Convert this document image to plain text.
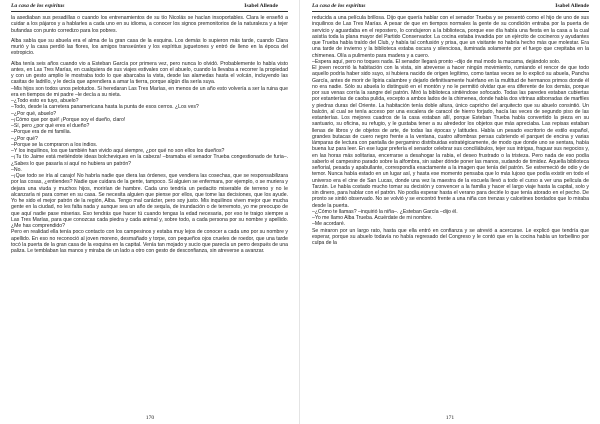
La casa de los espíritus	Isabel Allende

la asediaban sus pesadillas o cuando los entrenamientos de su tío Nicolás se hacían insoportables. Clara le enseñó a cuidar a los pájaros y a hablarles a cada uno en su idioma, a conocer los signos premonitorios de la naturaleza y a tejer bufandas con punto corredizo para los pobres.

Alba sabía que su abuela era el alma de la gran casa de la esquina. Los demás lo supieron más tarde, cuando Clara murió y la casa perdió las flores, los amigos transeúntes y los espíritus juguetones y entró de lleno en la época del estropicio.

Alba tenía seis años cuando vio a Esteban García por primera vez, pero nunca lo olvidó. Probablemente lo había visto antes, en Las Tres Marías, en cualquiera de sus viajes estivales con el abuelo, cuando la llevaba a recorrer la propiedad y con un gesto amplio le mostraba todo lo que abarcaba la vista, desde las alamedas hasta el volcán, incluyendo las casitas de ladrillo, y le decía que aprendiera a amar la tierra, porque algún día sería suya.

–Mis hijos son todos unos pelotudos. Si heredaran Las Tres Marías, en menos de un año esto volvería a ser la ruina que era en tiempos de mi padre –le decía a su nieta.

–¿Todo esto es tuyo, abuelo?

–Todo, desde la carretera panamericana hasta la punta de esos cerros. ¿Los ves?

–¿Por qué, abuelo?

–¡Cómo que por qué! ¡Porque soy el dueño, claro!

–Sí, pero ¿por qué eres el dueño?

–Porque era de mi familia.

–¿Por qué?

–Porque se la compraron a los indios.

–Y los inquilinos, los que también han vivido aquí siempre, ¿por qué no son ellos los dueños?

–¡Tu tío Jaime está metiéndote ideas bolcheviques en la cabeza! –bramaba el senador Trueba congestionado de furia–. ¿Sabes lo que pasaría si aquí no hubiera un patrón?

–No.

–¡Que todo se iría al carajo! No habría nadie que diera las órdenes, que vendiera las cosechas, que se responsabilizara por las cosas, ¿entiendes? Nadie que cuidara de la gente, tampoco. Si alguien se enfermara, por ejemplo, o se muriera y dejara una viuda y muchos hijos, morirían de hambre. Cada uno tendría un pedacito miserable de terreno y no le alcanzaría ni para comer en su casa. Se necesita alguien que piense por ellos, que tome las decisiones, que los ayude. Yo he sido el mejor patrón de la región, Alba. Tengo mal carácter, pero soy justo. Mis inquilinos viven mejor que mucha gente en la ciudad, no les falta nada y aunque sea un año de sequía, de inundación o de terremoto, yo me preocupo de que aquí nadie pase miserias. Eso tendrás que hacer tú cuando tengas la edad necesaria, por eso te traigo siempre a Las Tres Marías, para que conozcas cada piedra y cada animal y, sobre todo, a cada persona por su nombre y apellido. ¿Me has comprendido?

Pero en realidad ella tenía poco contacto con los campesinos y estaba muy lejos de conocer a cada uno por su nombre y apellido. En eso no reconoció al joven moreno, desmañado y torpe, con pequeños ojos crueles de roedor, que una tarde tocó la puerta de la gran casa de la esquina en la capital. Venía tan mojado y sucio que parecía un perro después de una paliza. Le temblaban las manos y miraba de un lado a otro con gesto de desconfianza, sin atreverse a avanzar.

170
La casa de los espíritus	Isabel Allende

reducida a una película brillosa. Dijo que quería hablar con el senador Trueba y se presentó como el hijo de uno de sus inquilinos de Las Tres Marías. A pesar de que en tiempos normales la gente de su condición entraba por la puerta de servicio y aguardaba en el repostero, lo condujeron a la biblioteca, porque ese día había una fiesta en la casa a la cual asistía toda la plana mayor del Partido Conservador. La cocina estaba invadida por un ejército de cocineros y ayudantes que Trueba había traído del Club, y había tal confusión y prisa, que un visitante no habría hecho más que molestar. Era una tarde de invierno y la biblioteca estaba oscura y silenciosa, iluminada solamente por el fuego que crepitaba en la chimenea. Olía a pulimento para madera y a cuero.

–Espera aquí, pero no toques nada. El senador llegará pronto –dijo de mal modo la mucama, dejándolo solo.

El joven recorrió la habitación con la vista, sin atreverse a hacer ningún movimiento, rumiando el rencor de que todo aquello podría haber sido suyo, si hubiera nacido de origen legítimo, como tantas veces se lo explicó su abuela, Pancha García, antes de morir de lipiria calambre y dejarlo definitivamente huérfano en la multitud de hermanos primos donde él no era nadie. Sólo su abuela lo distinguió en el montón y no le permitió olvidar que era diferente de los demás, porque por sus venas corría la sangre del patrón. Miró la biblioteca sintiéndose sofocado. Todas las paredes estaban cubiertas por estanterías de caoba pulida, excepto a ambos lados de la chimenea, donde había dos vitrinas atiborradas de marfiles y piedras duras del Oriente. La habitación tenía doble altura, único capricho del arquitecto que su abuelo consintió. Un balcón, al cual se tenía acceso por una escalera de caracol de hierro forjado, hacía las veces de segundo piso de las estanterías. Los mejores cuadros de la casa estaban allí, porque Esteban Trueba había convertido la pieza en su santuario, su oficina, su refugio, y le gustaba tener a su alrededor los objetos que más apreciaba. Las repisas estaban llenas de libros y de objetos de arte, de todas las épocas y latitudes. Había un pesado escritorio de estilo español, grandes butacas de cuero negro frente a la ventana, cuatro alfombras persas cubriendo el parquet de encina y varias lámparas de lectura con pantalla de pergamino distribuidas estratégicamente, de modo que donde uno se sentara, había buena luz para leer. En ese lugar prefería el senador celebrar sus conciliábulos, tejer sus intrigas, fraguar sus negocios y, en las horas más solitarias, encerrarse a desahogar la rabia, el deseo frustrado o la tristeza. Pero nada de eso podía saberlo el campesino parado sobre la alfombra, sin saber dónde poner las manos, sudando de timidez. Aquella biblioteca señorial, pesada y apabullante, correspondía exactamente a la imagen que tenía del patrón. Se estremeció de odio y de temor. Nunca había estado en un lugar así, y hasta ese momento pensaba que lo más lujoso que podía existir en todo el universo era el cine de San Lucas, donde una vez la maestra de la escuela llevó a todo el curso a ver una película de Tarzán. Le había costado mucho tomar su decisión y convencer a la familia y hacer el largo viaje hasta la capital, solo y sin dinero, para hablar con el patrón. No podía esperar hasta el verano para decirle lo que tenía atorado en el pecho. De pronto se sintió observado. No se volvió y se encontró frente a una niña con trenzas y calcetines bordados que lo miraba desde la puerta.

–¿Cómo te llamas? –inquirió la niña–. ¿Esteban García –dijo él.

–Yo me llamo Alba Trueba. Acuérdate de mi nombre.

–Me acordaré.

Se miraron por un largo rato, hasta que ella entró en confianza y se atrevió a acercarse. Le explicó que tendría que esperar, porque su abuelo todavía no había regresado del Congreso y le contó que en la cocina había un torbellino por culpa de la

171
